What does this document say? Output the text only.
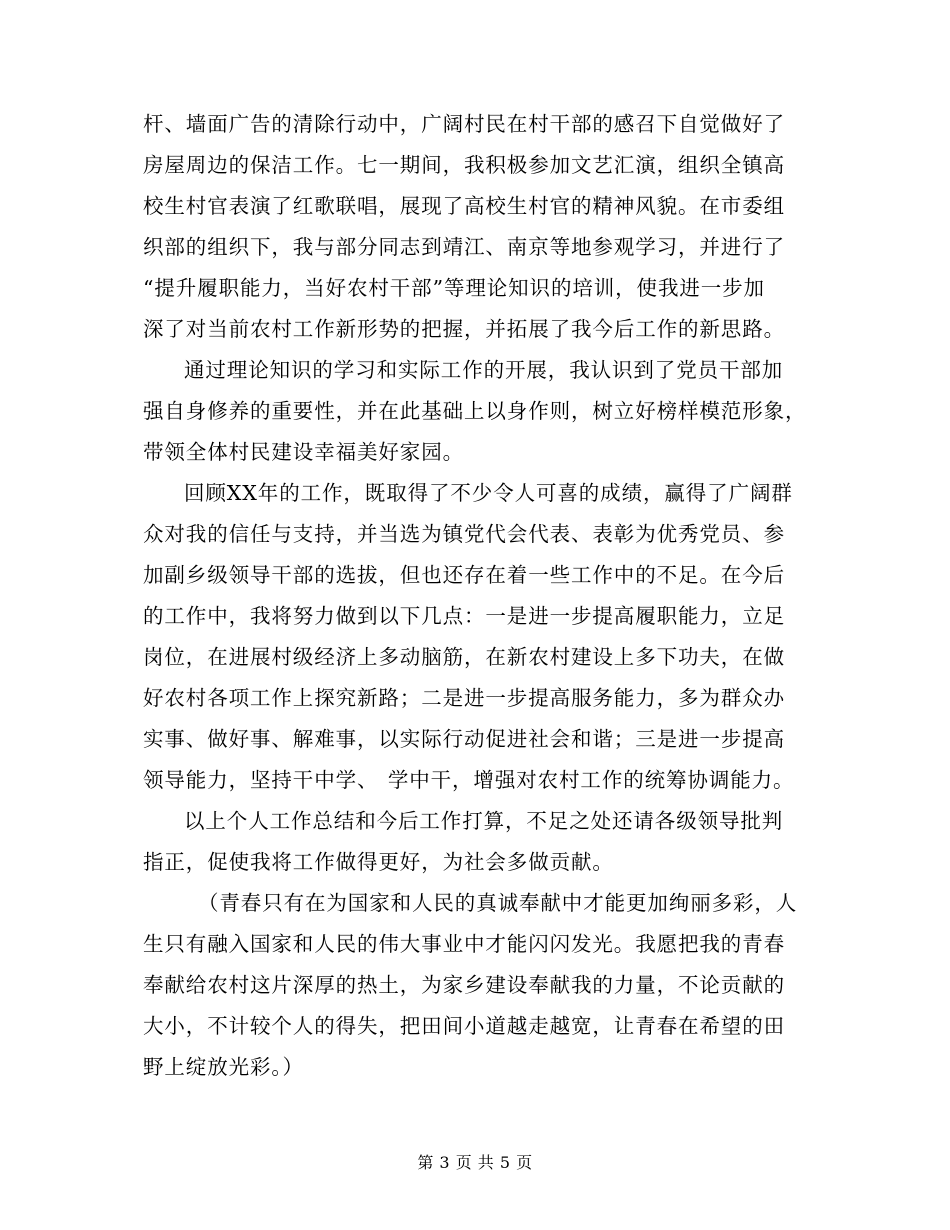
杆、墙面广告的清除行动中，广阔村民在村干部的感召下自觉做好了
房屋周边的保洁工作。七一期间，我积极参加文艺汇演，组织全镇高
校生村官表演了红歌联唱，展现了高校生村官的精神风貌。在市委组
织部的组织下，我与部分同志到靖江、南京等地参观学习，并进行了
“提升履职能力，当好农村干部”等理论知识的培训，使我进一步加
深了对当前农村工作新形势的把握，并拓展了我今后工作的新思路。
通过理论知识的学习和实际工作的开展，我认识到了党员干部加
强自身修养的重要性，并在此基础上以身作则，树立好榜样模范形象，
带领全体村民建设幸福美好家园。
回顾XX年的工作，既取得了不少令人可喜的成绩，赢得了广阔群
众对我的信任与支持，并当选为镇党代会代表、表彰为优秀党员、参
加副乡级领导干部的选拔，但也还存在着一些工作中的不足。在今后
的工作中，我将努力做到以下几点：一是进一步提高履职能力，立足
岗位，在进展村级经济上多动脑筋，在新农村建设上多下功夫，在做
好农村各项工作上探究新路；二是进一步提高服务能力，多为群众办
实事、做好事、解难事，以实际行动促进社会和谐；三是进一步提高
领导能力，坚持干中学、 学中干，增强对农村工作的统筹协调能力。
以上个人工作总结和今后工作打算，不足之处还请各级领导批判
指正，促使我将工作做得更好，为社会多做贡献。
（青春只有在为国家和人民的真诚奉献中才能更加绚丽多彩，人
生只有融入国家和人民的伟大事业中才能闪闪发光。我愿把我的青春
奉献给农村这片深厚的热土，为家乡建设奉献我的力量，不论贡献的
大小，不计较个人的得失，把田间小道越走越宽，让青春在希望的田
野上绽放光彩。）
第 3 页 共 5 页
